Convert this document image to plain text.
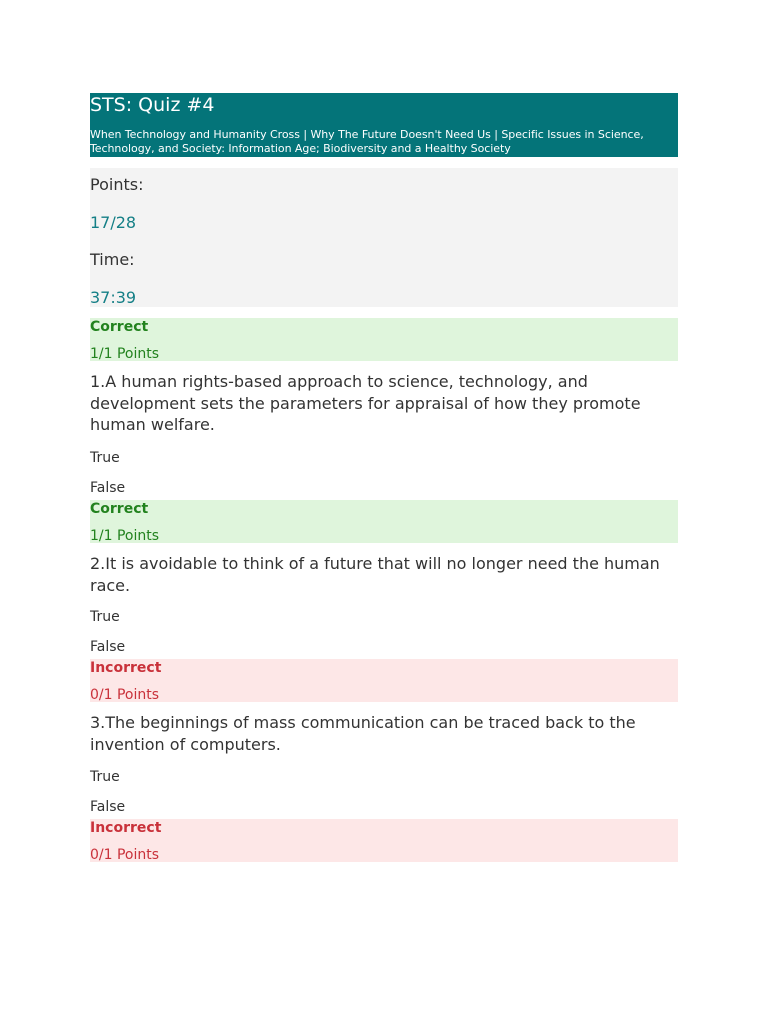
STS: Quiz #4
When Technology and Humanity Cross | Why The Future Doesn't Need Us | Specific Issues in Science, Technology, and Society: Information Age; Biodiversity and a Healthy Society
Points:
17/28
Time:
37:39
Correct
1/1 Points
1.A human rights-based approach to science, technology, and development sets the parameters for appraisal of how they promote human welfare.
True
False
Correct
1/1 Points
2.It is avoidable to think of a future that will no longer need the human race.
True
False
Incorrect
0/1 Points
3.The beginnings of mass communication can be traced back to the invention of computers.
True
False
Incorrect
0/1 Points
